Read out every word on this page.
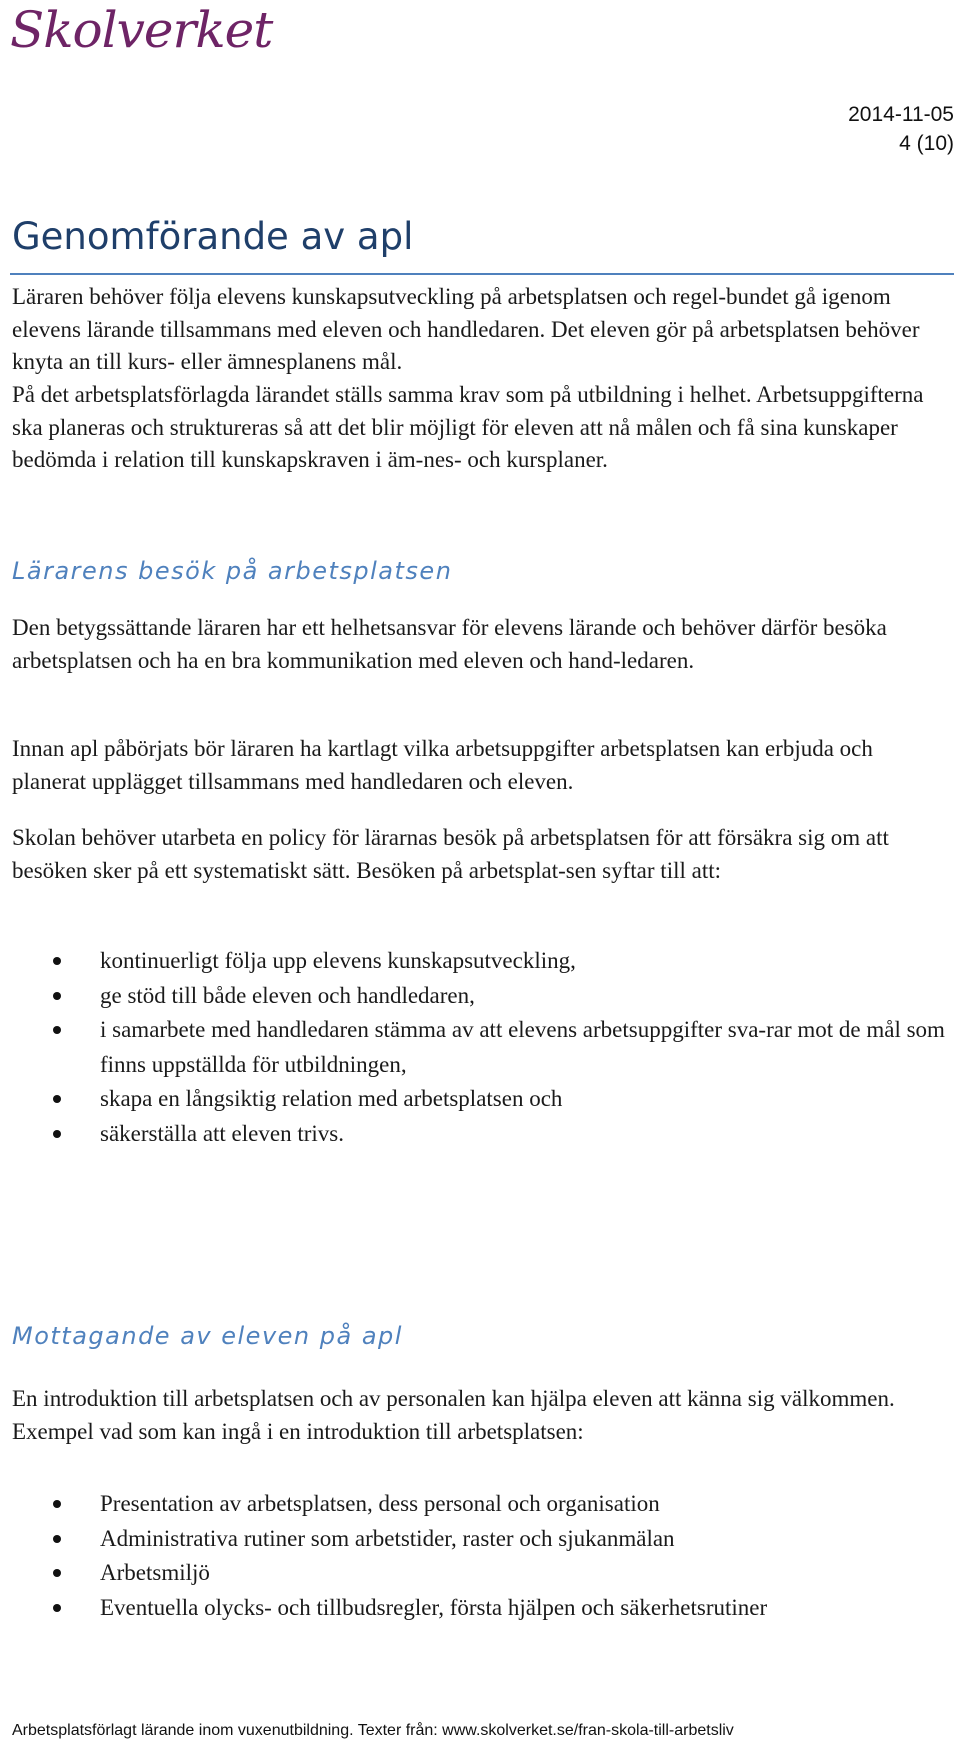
Skolverket
2014-11-05
4 (10)
Genomförande av apl

Läraren behöver följa elevens kunskapsutveckling på arbetsplatsen och regel-bundet gå igenom elevens lärande tillsammans med eleven och handledaren. Det eleven gör på arbetsplatsen behöver knyta an till kurs- eller ämnesplanens mål.

På det arbetsplatsförlagda lärandet ställs samma krav som på utbildning i helhet. Arbetsuppgifterna ska planeras och struktureras så att det blir möjligt för eleven att nå målen och få sina kunskaper bedömda i relation till kunskapskraven i äm-nes- och kursplaner.

Lärarens besök på arbetsplatsen

Den betygssättande läraren har ett helhetsansvar för elevens lärande och behöver därför besöka arbetsplatsen och ha en bra kommunikation med eleven och hand-ledaren.

Innan apl påbörjats bör läraren ha kartlagt vilka arbetsuppgifter arbetsplatsen kan erbjuda och planerat upplägget tillsammans med handledaren och eleven.

Skolan behöver utarbeta en policy för lärarnas besök på arbetsplatsen för att försäkra sig om att besöken sker på ett systematiskt sätt. Besöken på arbetsplat-sen syftar till att:

kontinuerligt följa upp elevens kunskapsutveckling,
ge stöd till både eleven och handledaren,
i samarbete med handledaren stämma av att elevens arbetsuppgifter sva-rar mot de mål som finns uppställda för utbildningen,
skapa en långsiktig relation med arbetsplatsen och
säkerställa att eleven trivs.
Mottagande av eleven på apl

En introduktion till arbetsplatsen och av personalen kan hjälpa eleven att känna sig välkommen. Exempel vad som kan ingå i en introduktion till arbetsplatsen:

Presentation av arbetsplatsen, dess personal och organisation
Administrativa rutiner som arbetstider, raster och sjukanmälan
Arbetsmiljö
Eventuella olycks- och tillbudsregler, första hjälpen och säkerhetsrutiner
Arbetsplatsförlagt lärande inom vuxenutbildning. Texter från: www.skolverket.se/fran-skola-till-arbetsliv
